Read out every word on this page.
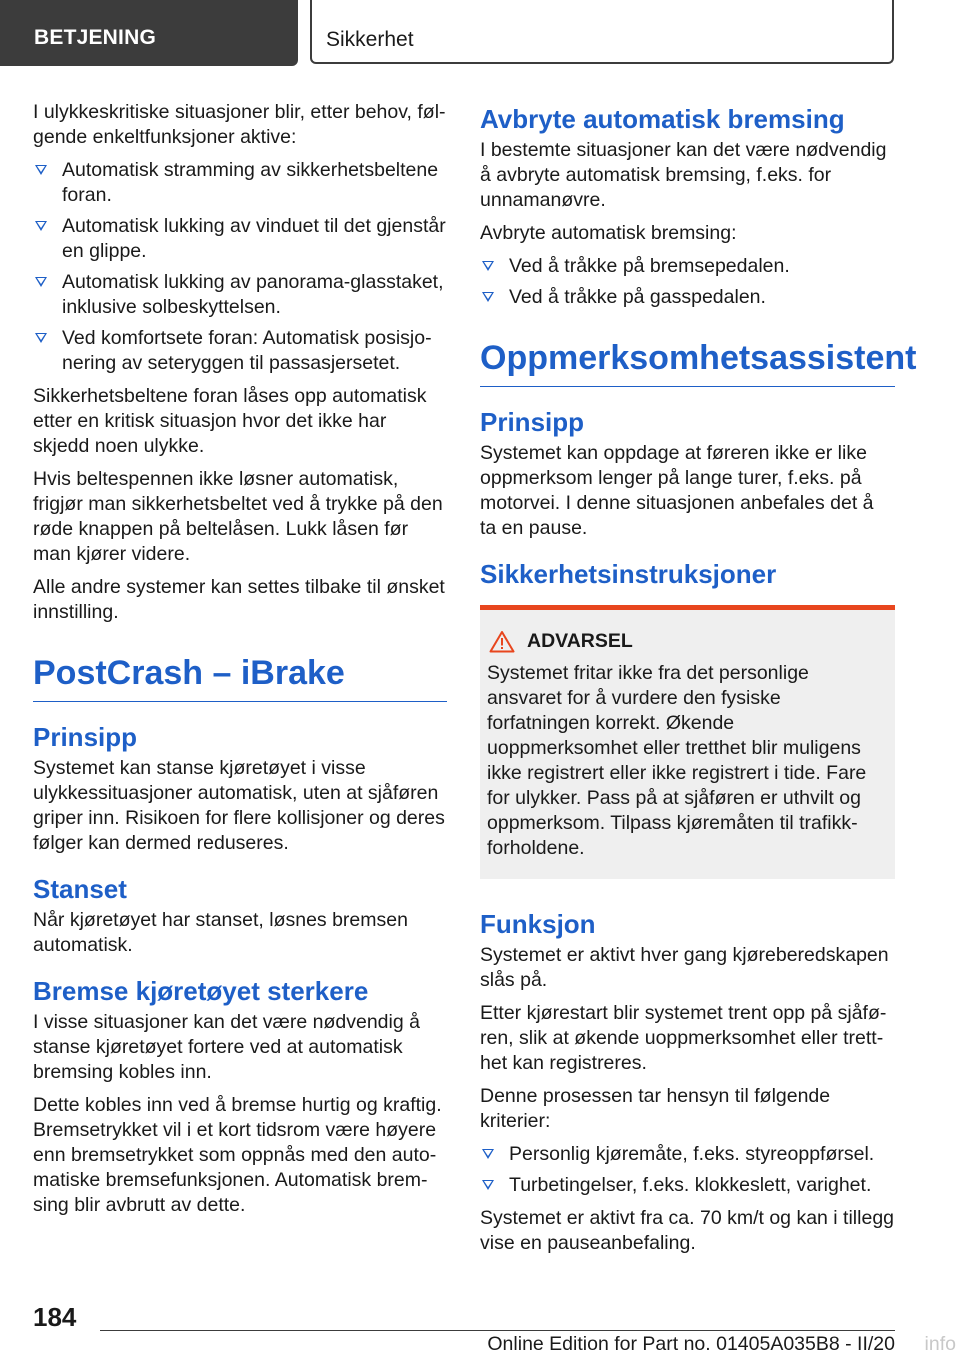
BETJENING	Sikkerhet

I ulykkeskritiske situasjoner blir, etter behov, følgende enkeltfunksjoner aktive:

Automatisk stramming av sikkerhetsbeltene foran.
Automatisk lukking av vinduet til det gjenstår en glippe.
Automatisk lukking av panorama-glasstaket, inklusive solbeskyttelsen.
Ved komfortsete foran: Automatisk posisjonering av seteryggen til passasjersetet.

Sikkerhetsbeltene foran låses opp automatisk etter en kritisk situasjon hvor det ikke har skjedd noen ulykke.

Hvis beltespennen ikke løsner automatisk, frigjør man sikkerhetsbeltet ved å trykke på den røde knappen på beltelåsen. Lukk låsen før man kjører videre.

Alle andre systemer kan settes tilbake til ønsket innstilling.

PostCrash – iBrake
Prinsipp

Systemet kan stanse kjøretøyet i visse ulykkessituasjoner automatisk, uten at sjåføren griper inn. Risikoen for flere kollisjoner og deres følger kan dermed reduseres.

Stanset

Når kjøretøyet har stanset, løsnes bremsen automatisk.

Bremse kjøretøyet sterkere

I visse situasjoner kan det være nødvendig å stanse kjøretøyet fortere ved at automatisk bremsing kobles inn.

Dette kobles inn ved å bremse hurtig og kraftig. Bremsetrykket vil i et kort tidsrom være høyere enn bremsetrykket som oppnås med den automatiske bremsefunksjonen. Automatisk bremsing blir avbrutt av dette.

Avbryte automatisk bremsing

I bestemte situasjoner kan det være nødvendig å avbryte automatisk bremsing, f.eks. for unnamanøvre.

Avbryte automatisk bremsing:

Ved å tråkke på bremsepedalen.
Ved å tråkke på gasspedalen.
Oppmerksomhetsassistent
Prinsipp

Systemet kan oppdage at føreren ikke er like oppmerksom lenger på lange turer, f.eks. på motorvei. I denne situasjonen anbefales det å ta en pause.

Sikkerhetsinstruksjoner
ADVARSEL

Systemet fritar ikke fra det personlige ansvaret for å vurdere den fysiske forfatningen korrekt. Økende uoppmerksomhet eller tretthet blir muligens ikke registrert eller ikke registrert i tide. Fare for ulykker. Pass på at sjåføren er uthvilt og oppmerksom. Tilpass kjøremåten til trafikkforholdene.

Funksjon

Systemet er aktivt hver gang kjøreberedskapen slås på.

Etter kjørestart blir systemet trent opp på sjåføren, slik at økende uoppmerksomhet eller tretthet kan registreres.

Denne prosessen tar hensyn til følgende kriterier:

Personlig kjøremåte, f.eks. styreoppførsel.
Turbetingelser, f.eks. klokkeslett, varighet.

Systemet er aktivt fra ca. 70 km/t og kan i tillegg vise en pauseanbefaling.

184
Online Edition for Part no. 01405A035B8 - II/20 info
